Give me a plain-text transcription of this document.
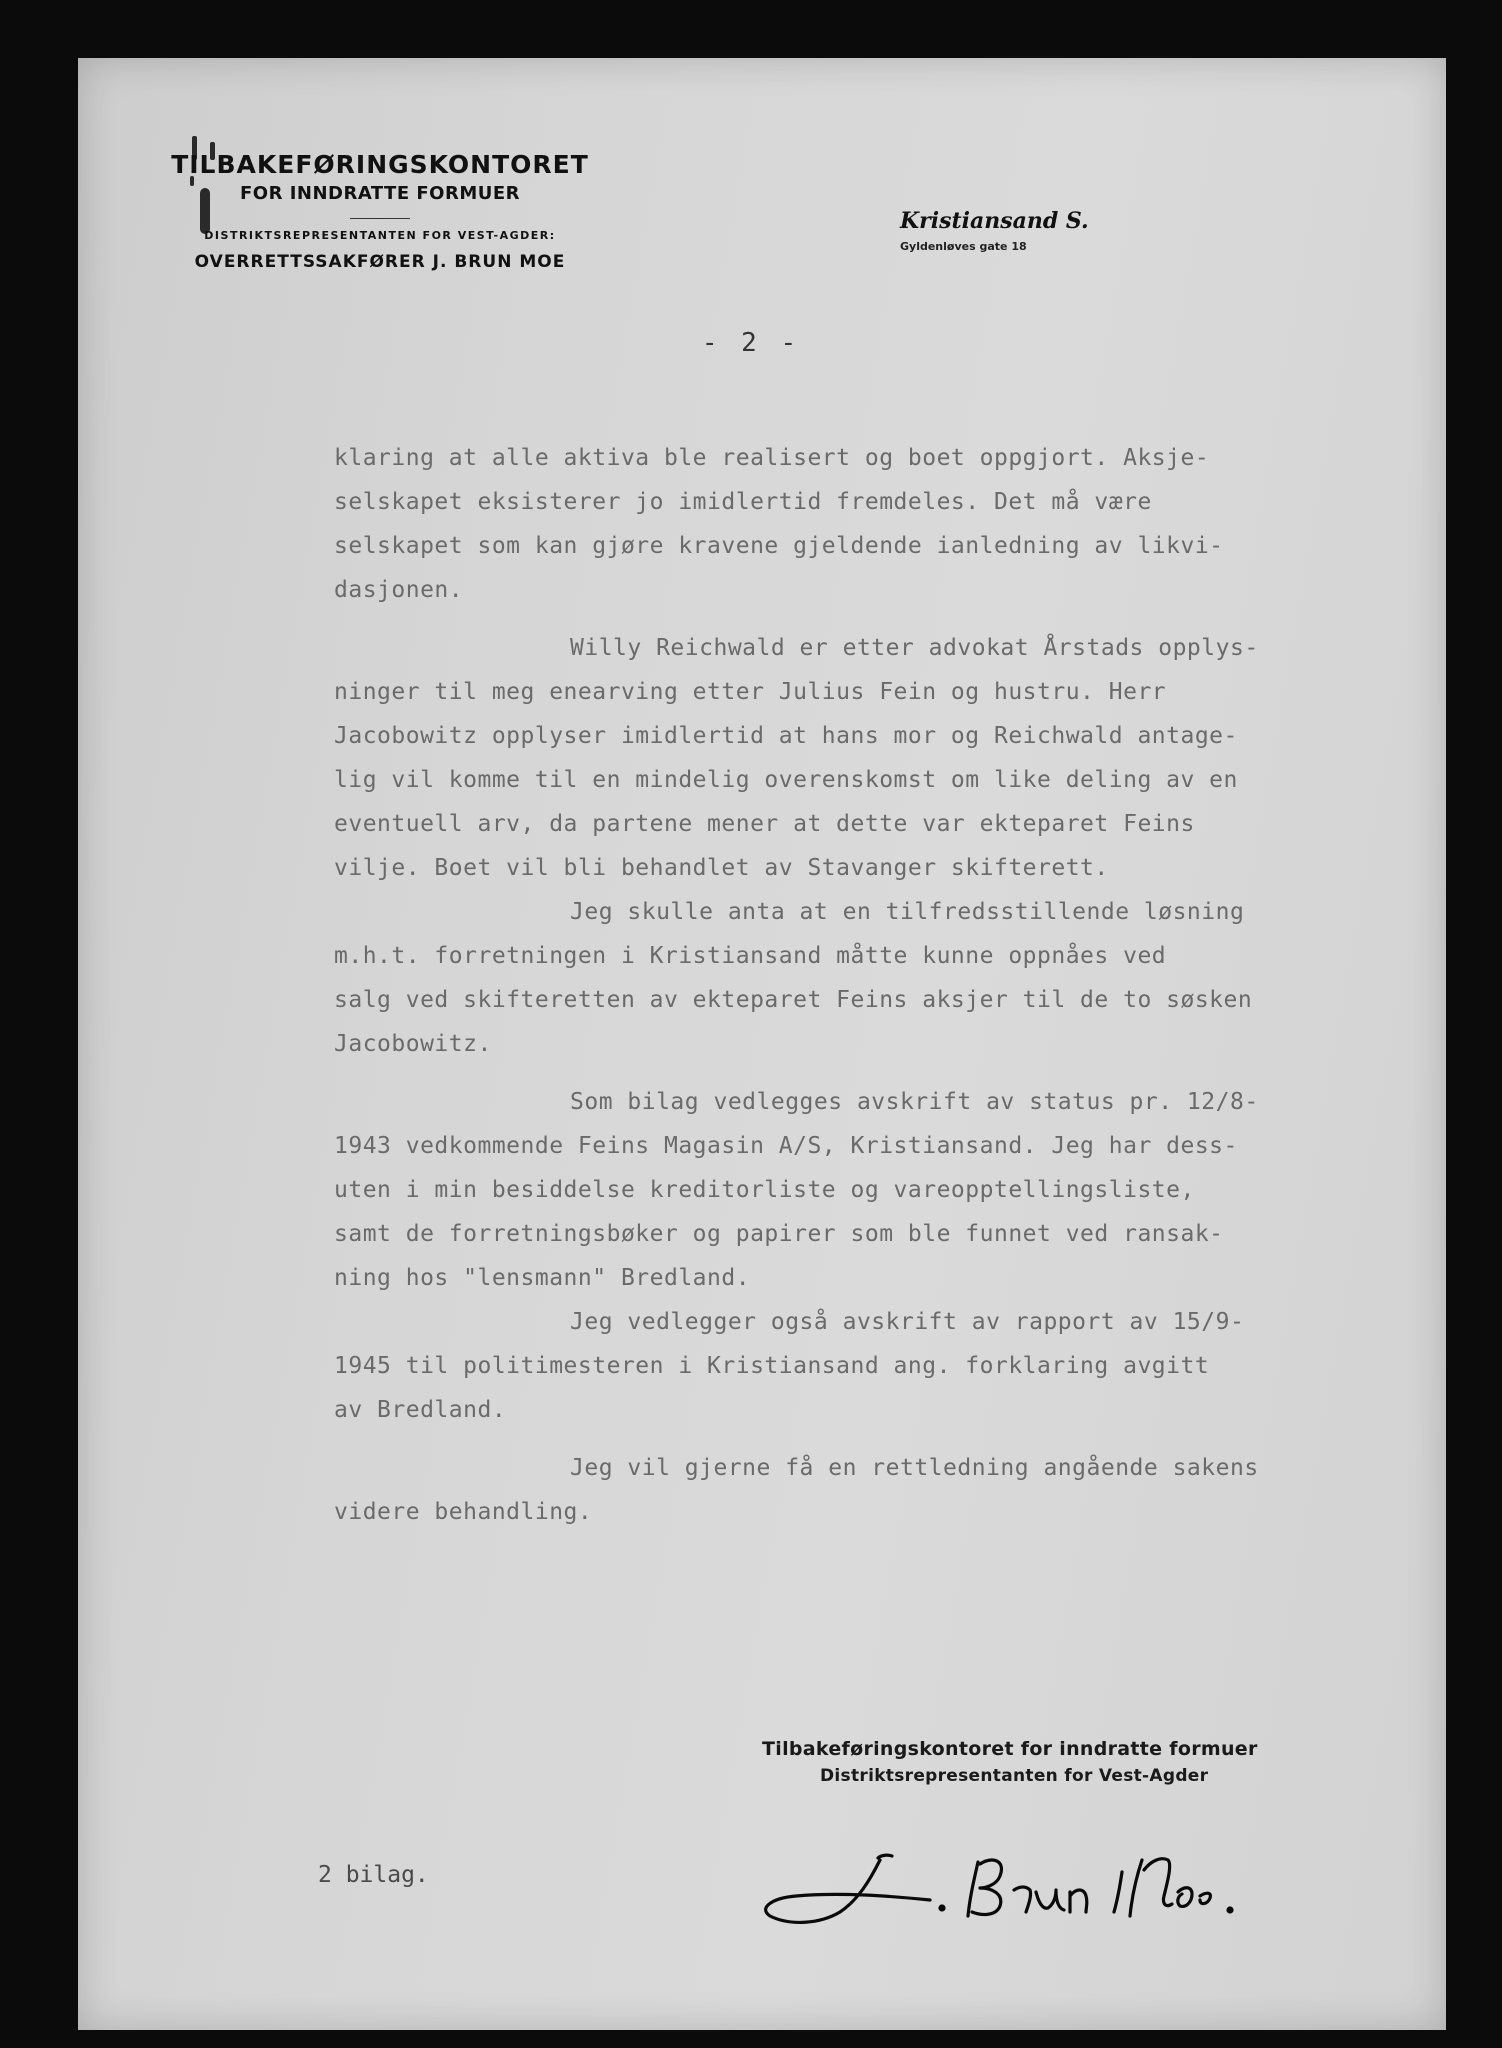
TILBAKEFØRINGSKONTORET
FOR INNDRATTE FORMUER
DISTRIKTSREPRESENTANTEN FOR VEST-AGDER:
OVERRETTSSAKFØRER J. BRUN MOE
Kristiansand S.
Gyldenløves gate 18
- 2 -
klaring at alle aktiva ble realisert og boet oppgjort. Aksje-
selskapet eksisterer jo imidlertid fremdeles. Det må være
selskapet som kan gjøre kravene gjeldende ianledning av likvi-
dasjonen.
Willy Reichwald er etter advokat Årstads opplys-
ninger til meg enearving etter Julius Fein og hustru. Herr
Jacobowitz opplyser imidlertid at hans mor og Reichwald antage-
lig vil komme til en mindelig overenskomst om like deling av en
eventuell arv, da partene mener at dette var ekteparet Feins
vilje. Boet vil bli behandlet av Stavanger skifterett.
Jeg skulle anta at en tilfredsstillende løsning
m.h.t. forretningen i Kristiansand måtte kunne oppnåes ved
salg ved skifteretten av ekteparet Feins aksjer til de to søsken
Jacobowitz.
Som bilag vedlegges avskrift av status pr. 12/8-
1943 vedkommende Feins Magasin A/S, Kristiansand. Jeg har dess-
uten i min besiddelse kreditorliste og vareopptellingsliste,
samt de forretningsbøker og papirer som ble funnet ved ransak-
ning hos "lensmann" Bredland.
Jeg vedlegger også avskrift av rapport av 15/9-
1945 til politimesteren i Kristiansand ang. forklaring avgitt
av Bredland.
Jeg vil gjerne få en rettledning angående sakens
videre behandling.
Tilbakeføringskontoret for inndratte formuer
Distriktsrepresentanten for Vest-Agder
2 bilag.
